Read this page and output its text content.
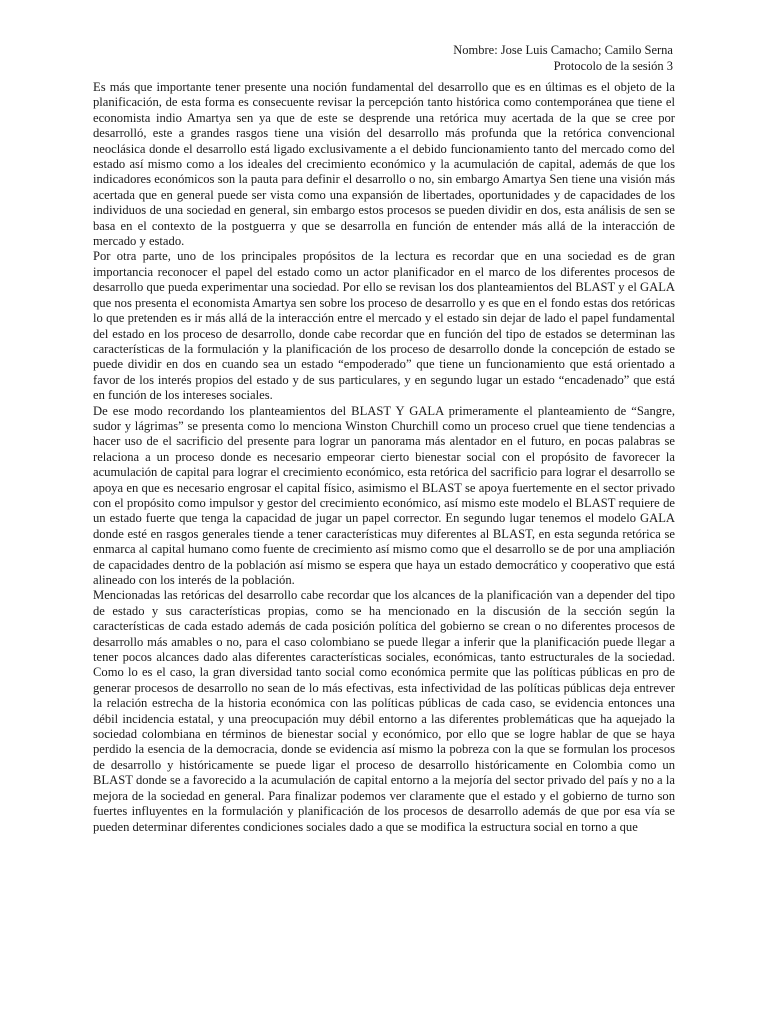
Nombre: Jose Luis Camacho; Camilo Serna
Protocolo de la sesión 3

Es más que importante tener presente una noción fundamental del desarrollo que es en últimas es el objeto de la planificación, de esta forma es consecuente revisar la percepción tanto histórica como contemporánea que tiene el economista indio Amartya sen ya que de este se desprende una retórica muy acertada de la que se cree por desarrolló, este a grandes rasgos tiene una visión del desarrollo más profunda que la retórica convencional neoclásica donde el desarrollo está ligado exclusivamente a el debido funcionamiento tanto del mercado como del estado así mismo como a los ideales del crecimiento económico y la acumulación de capital, además de que los indicadores económicos son la pauta para definir el desarrollo o no, sin embargo Amartya Sen tiene una visión más acertada que en general puede ser vista como una expansión de libertades, oportunidades y de capacidades de los individuos de una sociedad en general, sin embargo estos procesos se pueden dividir en dos, esta análisis de sen se basa en el contexto de la postguerra y que se desarrolla en función de entender más allá de la interacción de mercado y estado.

Por otra parte, uno de los principales propósitos de la lectura es recordar que en una sociedad es de gran importancia reconocer el papel del estado como un actor planificador en el marco de los diferentes procesos de desarrollo que pueda experimentar una sociedad. Por ello se revisan los dos planteamientos del BLAST y el GALA que nos presenta el economista Amartya sen sobre los proceso de desarrollo y es que en el fondo estas dos retóricas lo que pretenden es ir más allá de la interacción entre el mercado y el estado sin dejar de lado el papel fundamental del estado en los proceso de desarrollo, donde cabe recordar que en función del tipo de estados se determinan las características de la formulación y la planificación de los proceso de desarrollo donde la concepción de estado se puede dividir en dos en cuando sea un estado “empoderado” que tiene un funcionamiento que está orientado a favor de los interés propios del estado y de sus particulares, y en segundo lugar un estado “encadenado” que está en función de los intereses sociales.

De ese modo recordando los planteamientos del BLAST Y GALA primeramente el planteamiento de “Sangre, sudor y lágrimas” se presenta como lo menciona Winston Churchill como un proceso cruel que tiene tendencias a hacer uso de el sacrificio del presente para lograr un panorama más alentador en el futuro, en pocas palabras se relaciona a un proceso donde es necesario empeorar cierto bienestar social con el propósito de favorecer la acumulación de capital para lograr el crecimiento económico, esta retórica del sacrificio para lograr el desarrollo se apoya en que es necesario engrosar el capital físico, asimismo el BLAST se apoya fuertemente en el sector privado con el propósito como impulsor y gestor del crecimiento económico, así mismo este modelo el BLAST requiere de un estado fuerte que tenga la capacidad de jugar un papel corrector. En segundo lugar tenemos el modelo GALA donde esté en rasgos generales tiende a tener características muy diferentes al BLAST, en esta segunda retórica se enmarca al capital humano como fuente de crecimiento así mismo como que el desarrollo se de por una ampliación de capacidades dentro de la población así mismo se espera que haya un estado democrático y cooperativo que está alineado con los interés de la población.

Mencionadas las retóricas del desarrollo cabe recordar que los alcances de la planificación van a depender del tipo de estado y sus características propias, como se ha mencionado en la discusión de la sección según la características de cada estado además de cada posición política del gobierno se crean o no diferentes procesos de desarrollo más amables o no, para el caso colombiano se puede llegar a inferir que la planificación puede llegar a tener pocos alcances dado alas diferentes características sociales, económicas, tanto estructurales de la sociedad. Como lo es el caso, la gran diversidad tanto social como económica permite que las políticas públicas en pro de generar procesos de desarrollo no sean de lo más efectivas, esta infectividad de las políticas públicas deja entrever la relación estrecha de la historia económica con las políticas públicas de cada caso, se evidencia entonces una débil incidencia estatal, y una preocupación muy débil entorno a las diferentes problemáticas que ha aquejado la sociedad colombiana en términos de bienestar social y económico, por ello que se logre hablar de que se haya perdido la esencia de la democracia, donde se evidencia así mismo la pobreza con la que se formulan los procesos de desarrollo y históricamente se puede ligar el proceso de desarrollo históricamente en Colombia como un BLAST donde se a favorecido a la acumulación de capital entorno a la mejoría del sector privado del país y no a la mejora de la sociedad en general. Para finalizar podemos ver claramente que el estado y el gobierno de turno son fuertes influyentes en la formulación y planificación de los procesos de desarrollo además de que por esa vía se pueden determinar diferentes condiciones sociales dado a que se modifica la estructura social en torno a que
